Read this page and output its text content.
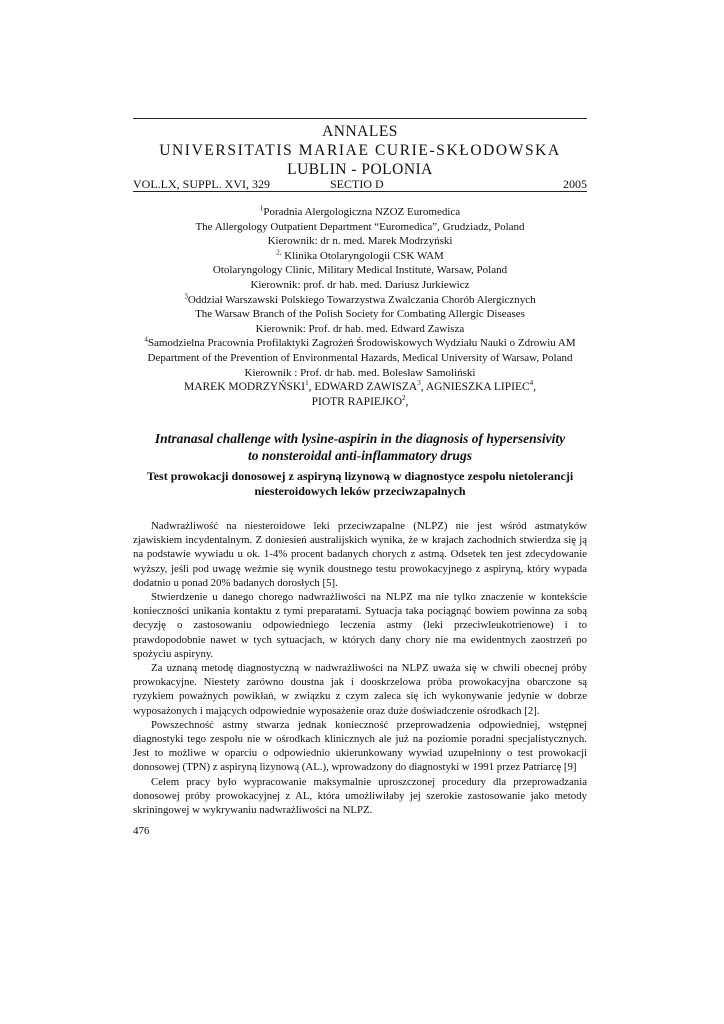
ANNALES
UNIVERSITATIS MARIAE CURIE-SKŁODOWSKA
LUBLIN - POLONIA
VOL.LX, SUPPL. XVI, 329	SECTIO D	2005
$^1$Poradnia Alergologiczna NZOZ Euromedica
The Allergology Outpatient Department “Euromedica”, Grudziadz, Poland
Kierownik: dr n. med. Marek Modrzyński
$^{2,}$ Klinika Otolaryngologii CSK WAM
Otolaryngology Clinic, Military Medical Institute, Warsaw, Poland
Kierownik: prof. dr hab. med. Dariusz Jurkiewicz
$^3$Oddział Warszawski Polskiego Towarzystwa Zwalczania Chorób Alergicznych
The Warsaw Branch of the Polish Society for Combating Allergic Diseases
Kierownik: Prof. dr hab. med. Edward Zawisza
$^4$Samodzielna Pracownia Profilaktyki Zagrożeń Środowiskowych Wydziału Nauki o Zdrowiu AM
Department of the Prevention of Environmental Hazards, Medical University of Warsaw, Poland
Kierownik : Prof. dr hab. med. Bolesław Samoliński
MAREK MODRZYŃSKI$^1$, EDWARD ZAWISZA$^3$, AGNIESZKA LIPIEC$^4$,
PIOTR RAPIEJKO$^2$,
Intranasal challenge with lysine-aspirin in the diagnosis of hypersensivity
to nonsteroidal anti-inflammatory drugs
Test prowokacji donosowej z aspiryną lizynową w diagnostyce zespołu nietolerancji
niesteroidowych leków przeciwzapalnych

Nadwrażliwość na niesteroidowe leki przeciwzapalne (NLPZ) nie jest wśród astmatyków zjawiskiem incydentalnym. Z doniesień australijskich wynika, że w krajach zachodnich stwierdza się ją na podstawie wywiadu u ok. 1-4% procent badanych chorych z astmą. Odsetek ten jest zdecydowanie wyższy, jeśli pod uwagę weźmie się wynik doustnego testu prowokacyjnego z aspiryną, który wypada dodatnio u ponad 20% badanych dorosłych [5].

Stwierdzenie u danego chorego nadwrażliwości na NLPZ ma nie tylko znaczenie w kontekście konieczności unikania kontaktu z tymi preparatami. Sytuacja taka pociągnąć bowiem powinna za sobą decyzję o zastosowaniu odpowiedniego leczenia astmy (leki przeciwleukotrienowe) i to prawdopodobnie nawet w tych sytuacjach, w których dany chory nie ma ewidentnych zaostrzeń po spożyciu aspiryny.

Za uznaną metodę diagnostyczną w nadwrażliwości na NLPZ uważa się w chwili obecnej próby prowokacyjne. Niestety zarówno doustna jak i dooskrzelowa próba prowokacyjna obarczone są ryzykiem poważnych powikłań, w związku z czym zaleca się ich wykonywanie jedynie w dobrze wyposażonych i mających odpowiednie wyposażenie oraz duże doświadczenie ośrodkach [2].

Powszechność astmy stwarza jednak konieczność przeprowadzenia odpowiedniej, wstępnej diagnostyki tego zespołu nie w ośrodkach klinicznych ale już na poziomie poradni specjalistycznych. Jest to możliwe w oparciu o odpowiednio ukierunkowany wywiad uzupełniony o test prowokacji donosowej (TPN) z aspiryną lizynową (AL.), wprowadzony do diagnostyki w 1991 przez Patriarcę [9]

Celem pracy było wypracowanie maksymalnie uproszczonej procedury dla przeprowadzania donosowej próby prowokacyjnej z AL, która umożliwiłaby jej szerokie zastosowanie jako metody skriningowej w wykrywaniu nadwrażliwości na NLPZ.

476
